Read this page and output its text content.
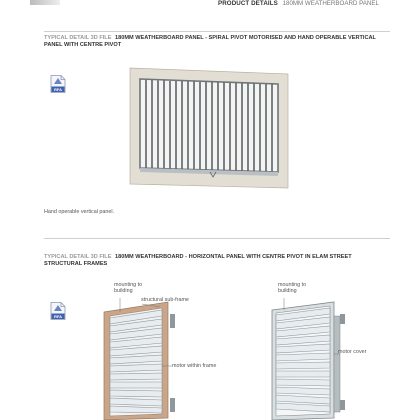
PRODUCT DETAILS 180MM WEATHERBOARD PANEL
TYPICAL DETAIL 3D FILE 180MM WEATHERBOARD PANEL - SPIRAL PIVOT MOTORISED AND HAND OPERABLE VERTICAL PANEL WITH CENTRE PIVOT
RFA
Hand operable vertical panel.
TYPICAL DETAIL 3D FILE 180MM WEATHERBOARD - HORIZONTAL PANEL WITH CENTRE PIVOT IN ELAM STREET STRUCTURAL FRAMES
RFA
mounting to
building
structural sub-frame
motor within frame
mounting to
building
motor cover
